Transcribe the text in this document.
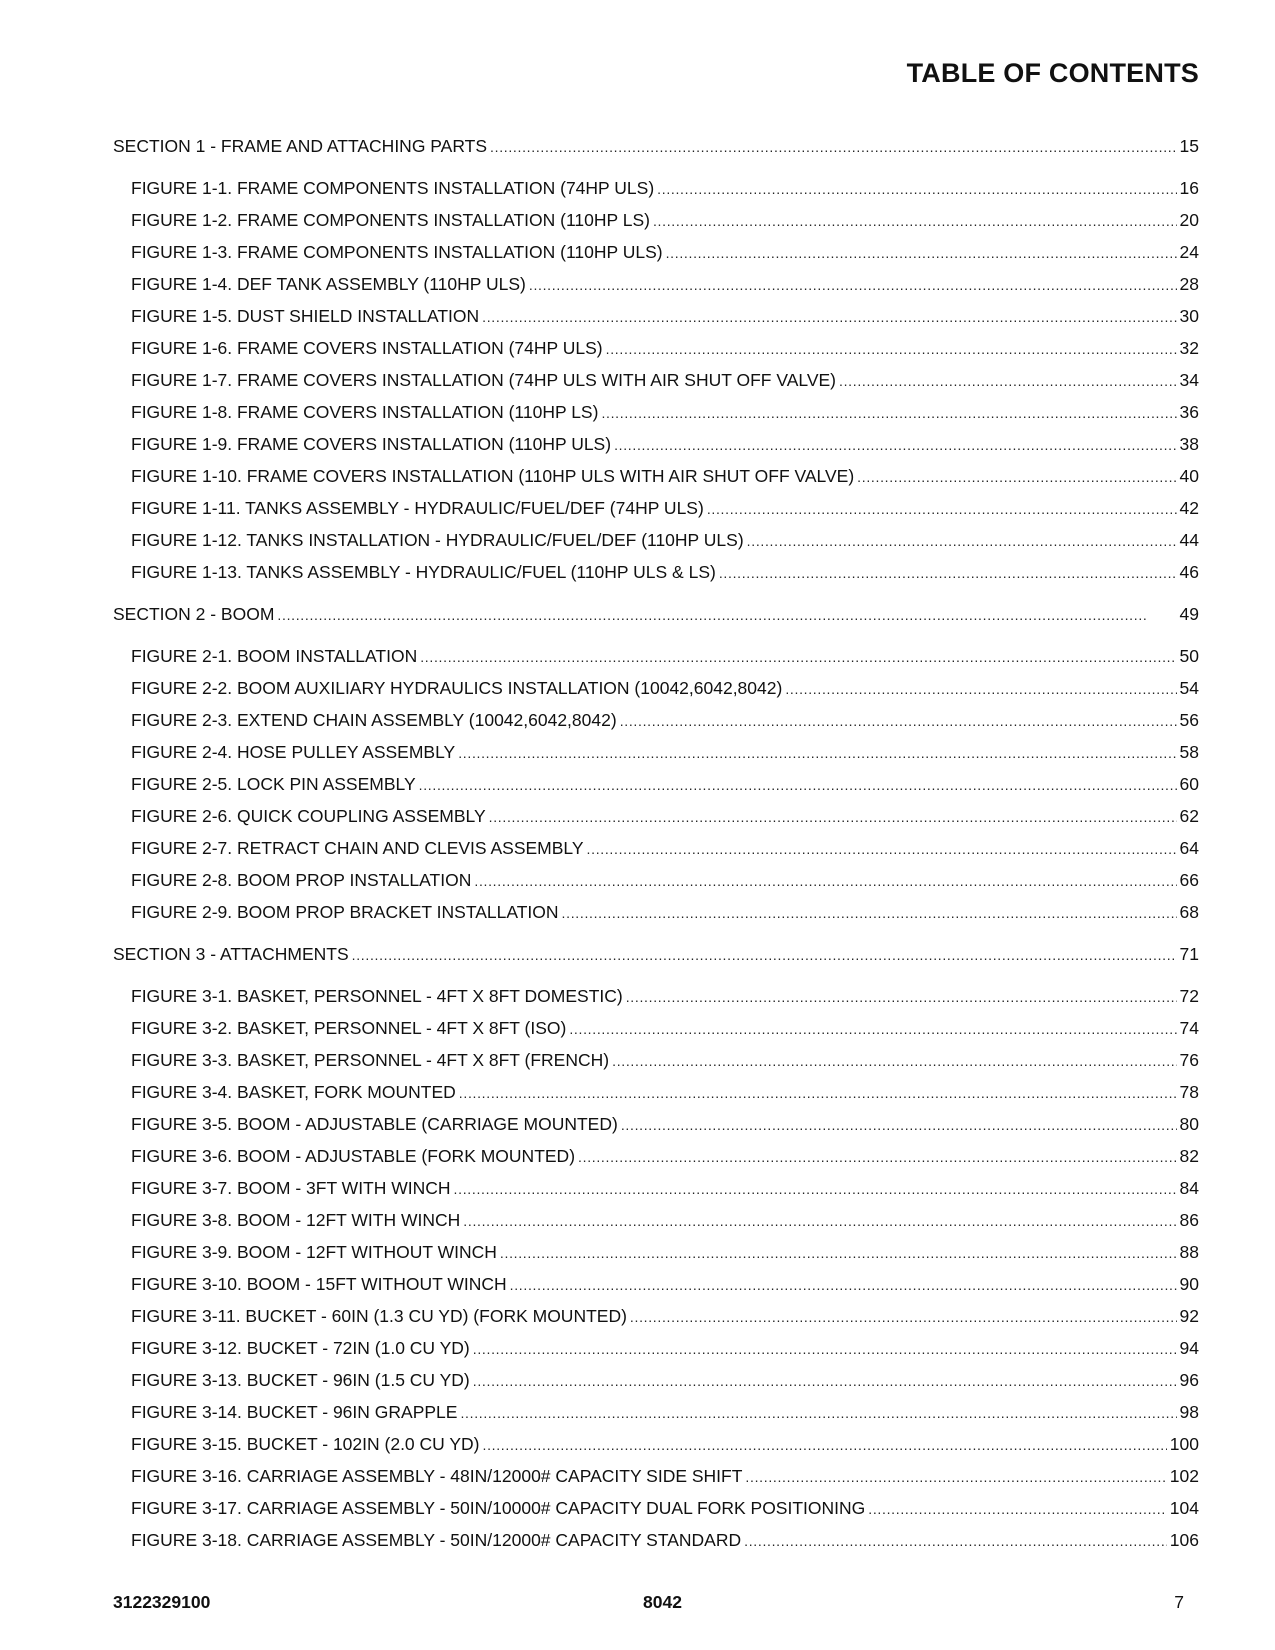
TABLE OF CONTENTS
SECTION 1 - FRAME AND ATTACHING PARTS . . .	15
FIGURE 1-1. FRAME COMPONENTS INSTALLATION (74HP ULS) . . .	16
FIGURE 1-2. FRAME COMPONENTS INSTALLATION (110HP LS) . . .	20
FIGURE 1-3. FRAME COMPONENTS INSTALLATION (110HP ULS) . . .	24
FIGURE 1-4. DEF TANK ASSEMBLY (110HP ULS) . . .	28
FIGURE 1-5. DUST SHIELD INSTALLATION . . .	30
FIGURE 1-6. FRAME COVERS INSTALLATION (74HP ULS) . . .	32
FIGURE 1-7. FRAME COVERS INSTALLATION (74HP ULS WITH AIR SHUT OFF VALVE) . . .	34
FIGURE 1-8. FRAME COVERS INSTALLATION (110HP LS) . . .	36
FIGURE 1-9. FRAME COVERS INSTALLATION (110HP ULS) . . .	38
FIGURE 1-10. FRAME COVERS INSTALLATION (110HP ULS WITH AIR SHUT OFF VALVE) . . .	40
FIGURE 1-11. TANKS ASSEMBLY - HYDRAULIC/FUEL/DEF (74HP ULS) . . .	42
FIGURE 1-12. TANKS INSTALLATION - HYDRAULIC/FUEL/DEF (110HP ULS) . . .	44
FIGURE 1-13. TANKS ASSEMBLY - HYDRAULIC/FUEL (110HP ULS & LS) . . .	46
SECTION 2 - BOOM . . .	49
FIGURE 2-1. BOOM INSTALLATION . . .	50
FIGURE 2-2. BOOM AUXILIARY HYDRAULICS INSTALLATION (10042,6042,8042) . . .	54
FIGURE 2-3. EXTEND CHAIN ASSEMBLY (10042,6042,8042) . . .	56
FIGURE 2-4. HOSE PULLEY ASSEMBLY . . .	58
FIGURE 2-5. LOCK PIN ASSEMBLY . . .	60
FIGURE 2-6. QUICK COUPLING ASSEMBLY . . .	62
FIGURE 2-7. RETRACT CHAIN AND CLEVIS ASSEMBLY . . .	64
FIGURE 2-8. BOOM PROP INSTALLATION . . .	66
FIGURE 2-9. BOOM PROP BRACKET INSTALLATION . . .	68
SECTION 3 - ATTACHMENTS . . .	71
FIGURE 3-1. BASKET, PERSONNEL - 4FT X 8FT DOMESTIC) . . .	72
FIGURE 3-2. BASKET, PERSONNEL - 4FT X 8FT (ISO) . . .	74
FIGURE 3-3. BASKET, PERSONNEL - 4FT X 8FT (FRENCH) . . .	76
FIGURE 3-4. BASKET, FORK MOUNTED . . .	78
FIGURE 3-5. BOOM - ADJUSTABLE (CARRIAGE MOUNTED) . . .	80
FIGURE 3-6. BOOM - ADJUSTABLE (FORK MOUNTED) . . .	82
FIGURE 3-7. BOOM - 3FT WITH WINCH . . .	84
FIGURE 3-8. BOOM - 12FT WITH WINCH . . .	86
FIGURE 3-9. BOOM - 12FT WITHOUT WINCH . . .	88
FIGURE 3-10. BOOM - 15FT WITHOUT WINCH . . .	90
FIGURE 3-11. BUCKET - 60IN (1.3 CU YD) (FORK MOUNTED) . . .	92
FIGURE 3-12. BUCKET - 72IN (1.0 CU YD) . . .	94
FIGURE 3-13. BUCKET - 96IN (1.5 CU YD) . . .	96
FIGURE 3-14. BUCKET - 96IN GRAPPLE . . .	98
FIGURE 3-15. BUCKET - 102IN (2.0 CU YD) . . .	100
FIGURE 3-16. CARRIAGE ASSEMBLY - 48IN/12000# CAPACITY SIDE SHIFT . . .	102
FIGURE 3-17. CARRIAGE ASSEMBLY - 50IN/10000# CAPACITY DUAL FORK POSITIONING . . .	104
FIGURE 3-18. CARRIAGE ASSEMBLY - 50IN/12000# CAPACITY STANDARD . . .	106
3122329100	8042	7
